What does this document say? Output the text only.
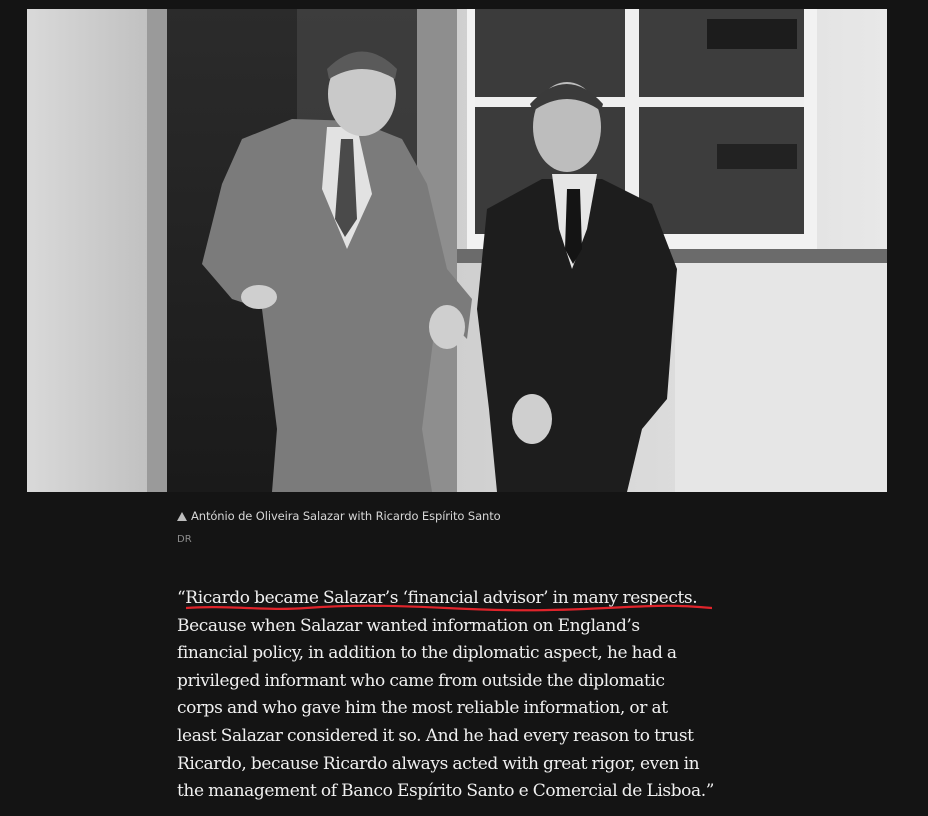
António de Oliveira Salazar with Ricardo Espírito Santo
DR
“Ricardo became Salazar’s ‘financial advisor’ in many respects.
Because when Salazar wanted information on England’s
financial policy, in addition to the diplomatic aspect, he had a
privileged informant who came from outside the diplomatic
corps and who gave him the most reliable information, or at
least Salazar considered it so. And he had every reason to trust
Ricardo, because Ricardo always acted with great rigor, even in
the management of Banco Espírito Santo e Comercial de Lisboa.”
